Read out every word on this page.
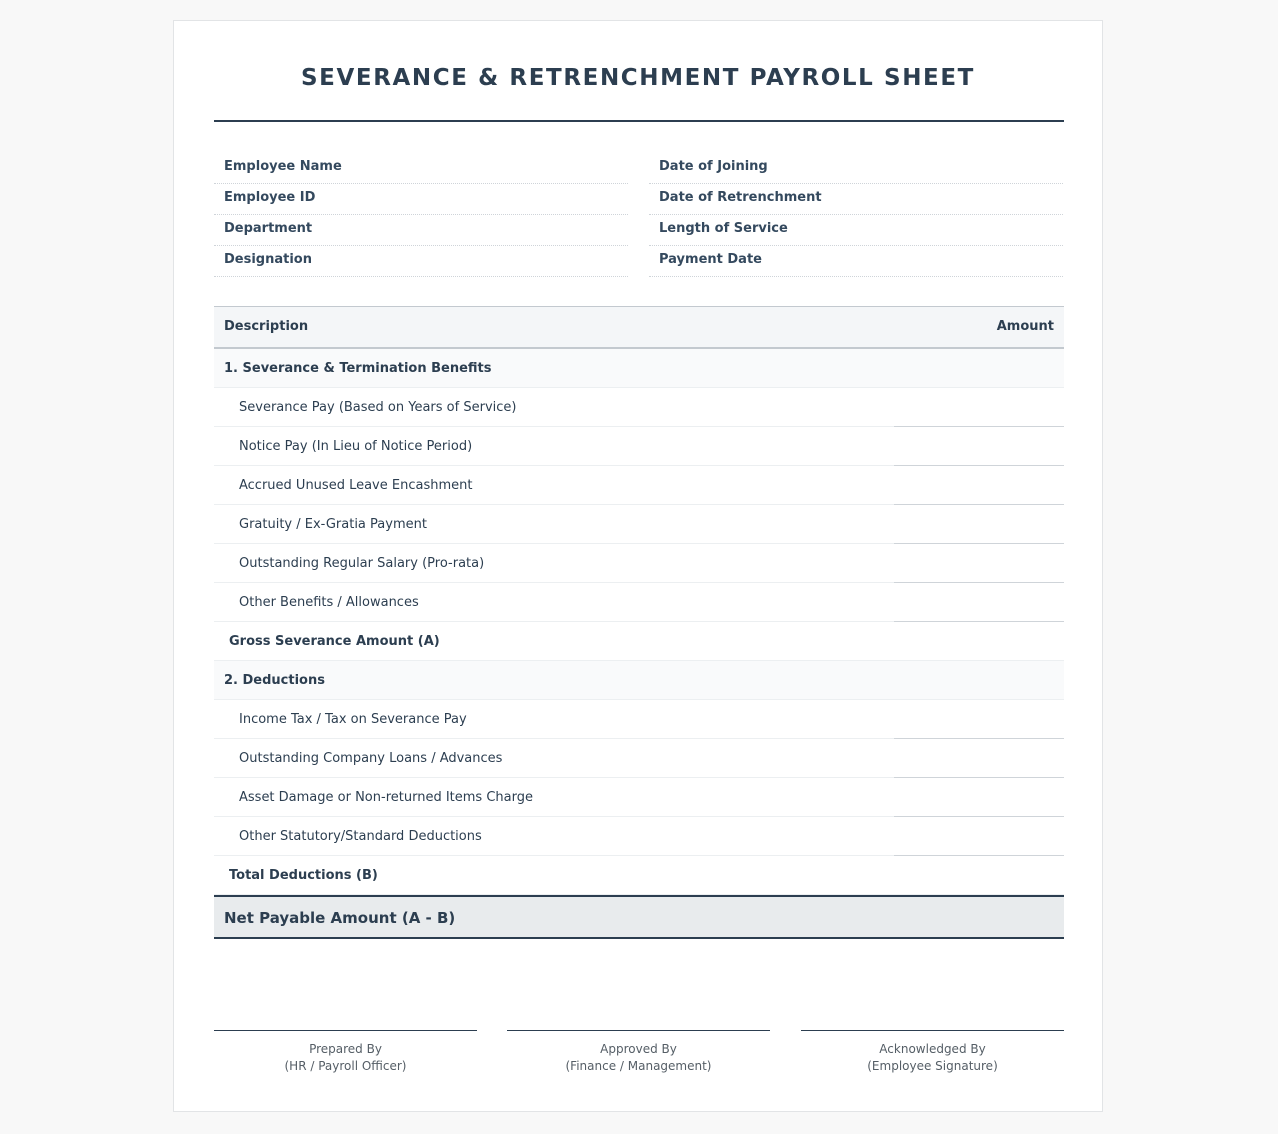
SEVERANCE & RETRENCHMENT PAYROLL SHEET
Employee Name
Employee ID
Department
Designation
Date of Joining
Date of Retrenchment
Length of Service
Payment Date
Description	Amount
1. Severance & Termination Benefits
Severance Pay (Based on Years of Service)
Notice Pay (In Lieu of Notice Period)
Accrued Unused Leave Encashment
Gratuity / Ex-Gratia Payment
Outstanding Regular Salary (Pro-rata)
Other Benefits / Allowances
Gross Severance Amount (A)
2. Deductions
Income Tax / Tax on Severance Pay
Outstanding Company Loans / Advances
Asset Damage or Non-returned Items Charge
Other Statutory/Standard Deductions
Total Deductions (B)
Net Payable Amount (A - B)
Prepared By
(HR / Payroll Officer)
Approved By
(Finance / Management)
Acknowledged By
(Employee Signature)
